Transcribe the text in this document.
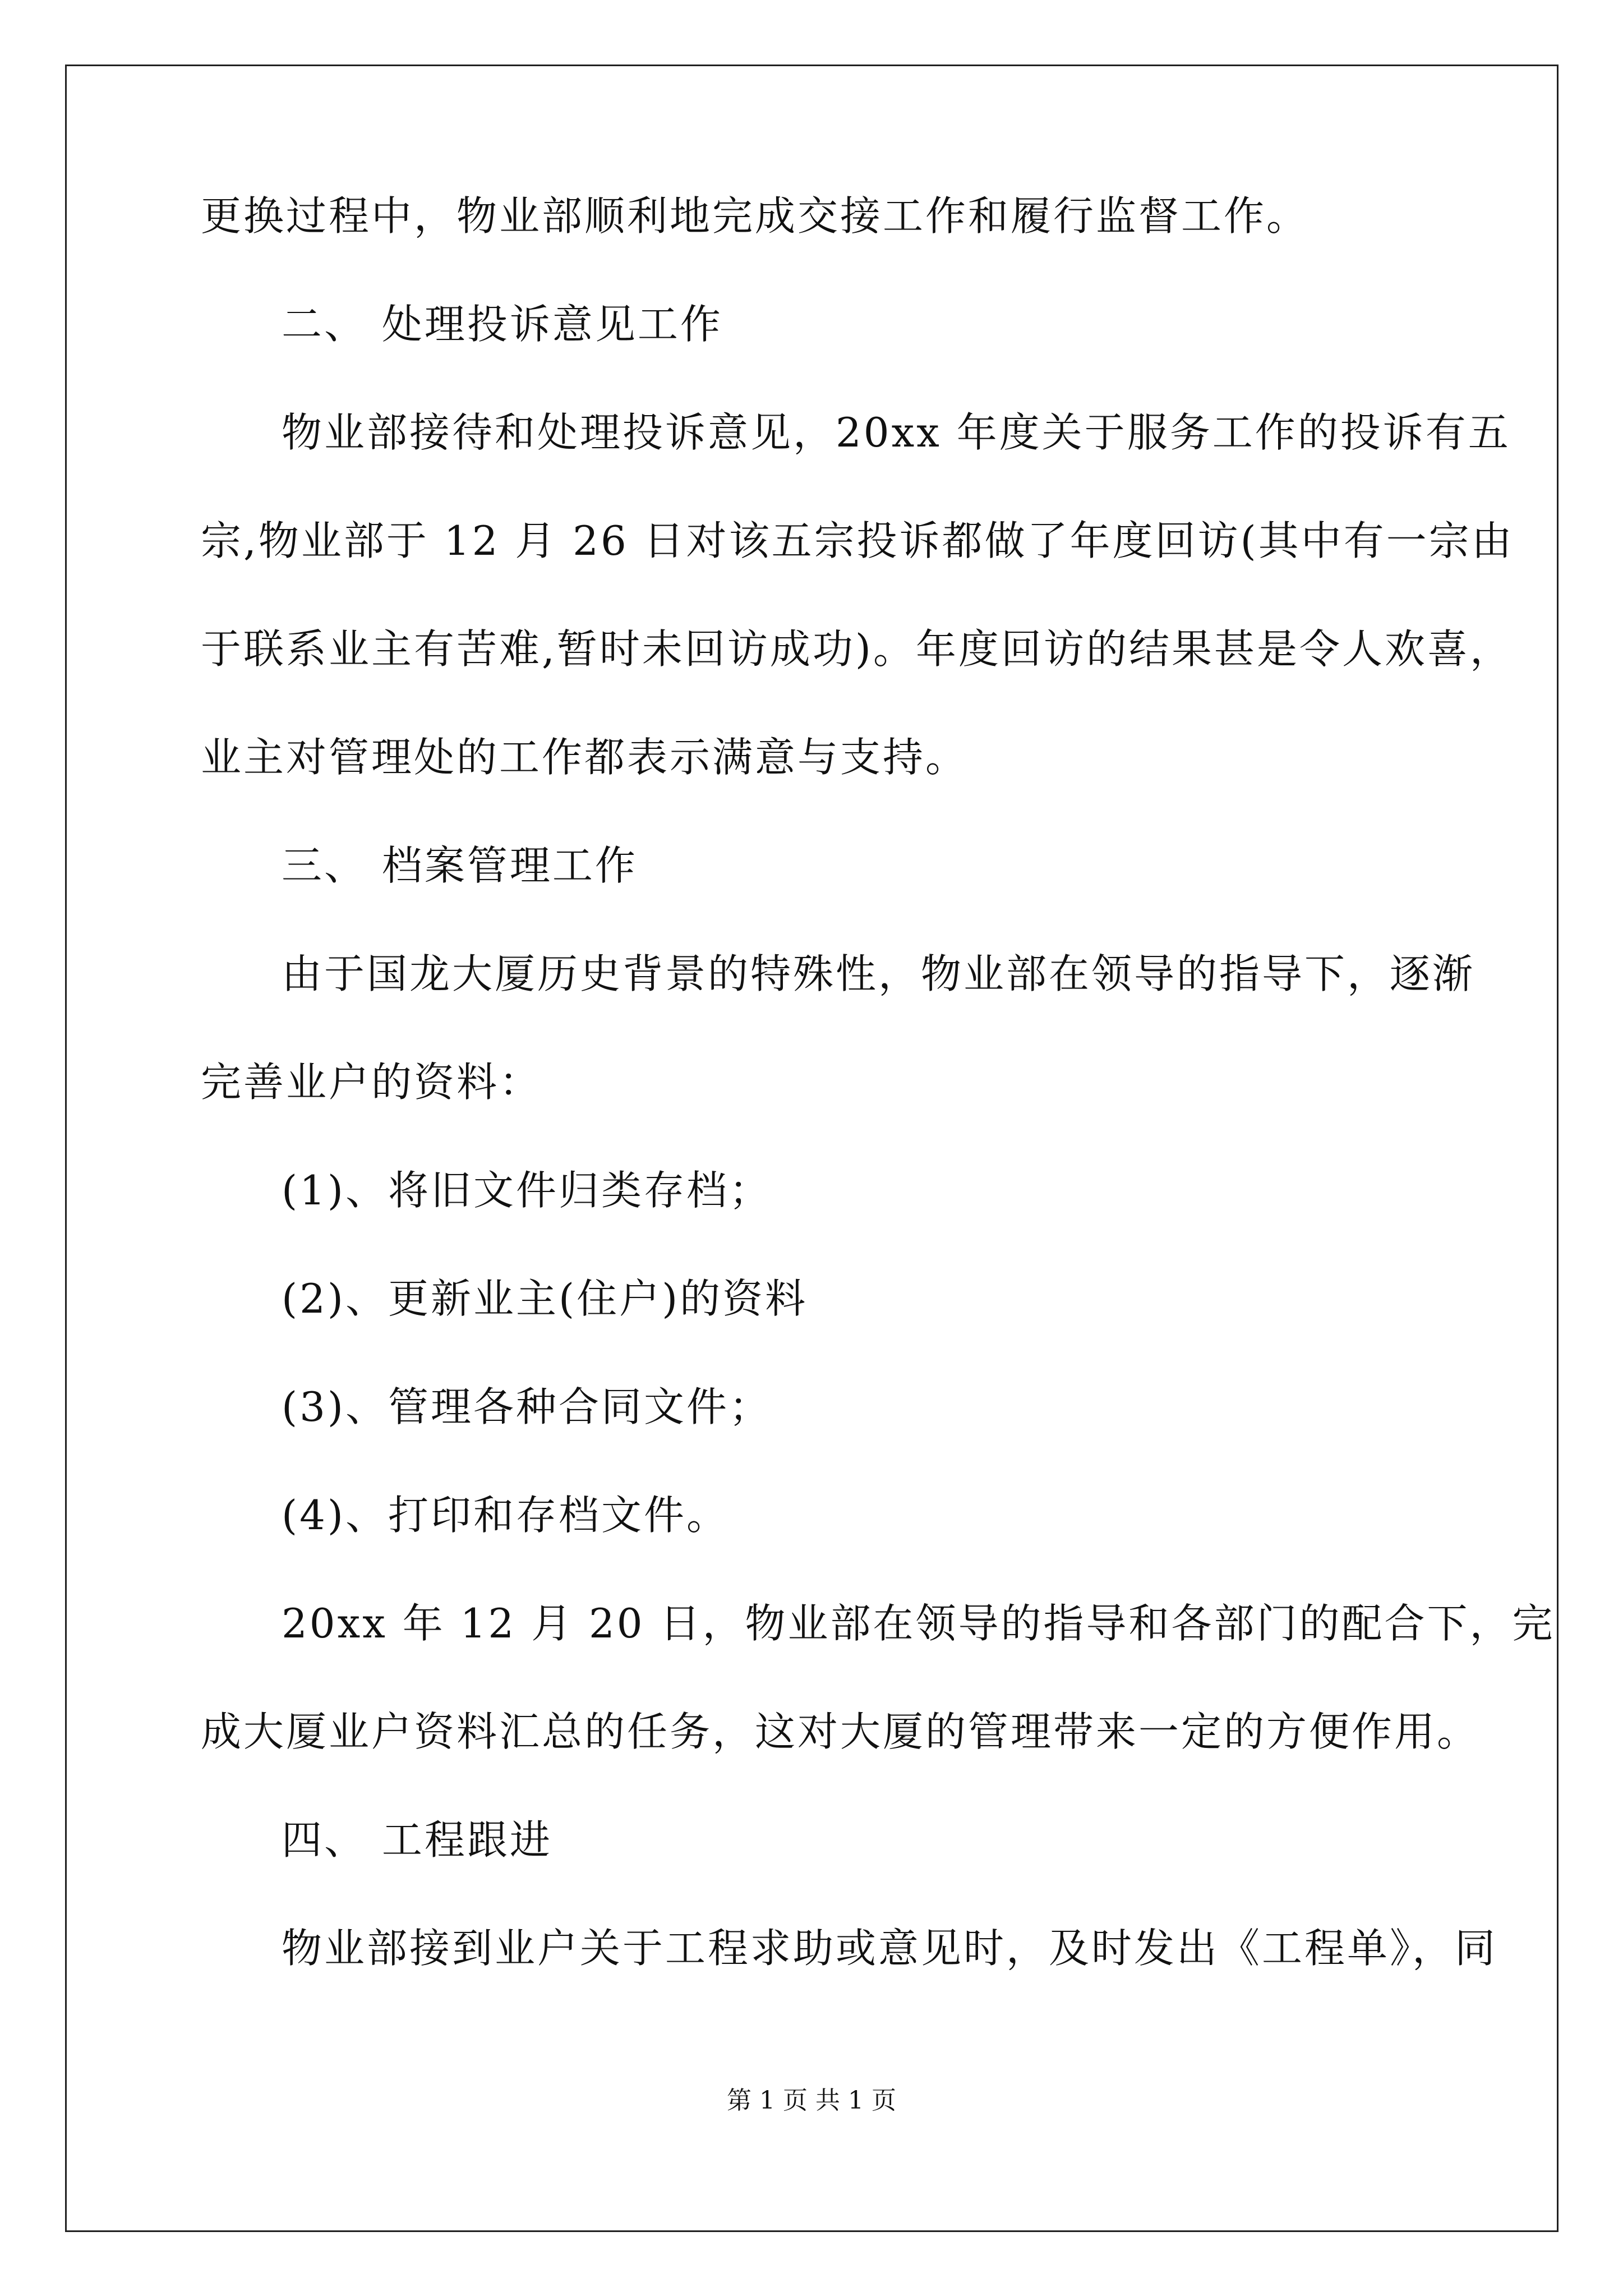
更换过程中，物业部顺利地完成交接工作和履行监督工作。
二、 处理投诉意见工作
物业部接待和处理投诉意见，20xx 年度关于服务工作的投诉有五
宗,物业部于 12 月 26 日对该五宗投诉都做了年度回访(其中有一宗由
于联系业主有苦难,暂时未回访成功)。年度回访的结果甚是令人欢喜，
业主对管理处的工作都表示满意与支持。
三、 档案管理工作
由于国龙大厦历史背景的特殊性，物业部在领导的指导下，逐渐
完善业户的资料：
(1)、将旧文件归类存档；
(2)、更新业主(住户)的资料
(3)、管理各种合同文件；
(4)、打印和存档文件。
20xx 年 12 月 20 日，物业部在领导的指导和各部门的配合下，完
成大厦业户资料汇总的任务，这对大厦的管理带来一定的方便作用。
四、 工程跟进
物业部接到业户关于工程求助或意见时，及时发出《工程单》，同
第 1 页 共 1 页
